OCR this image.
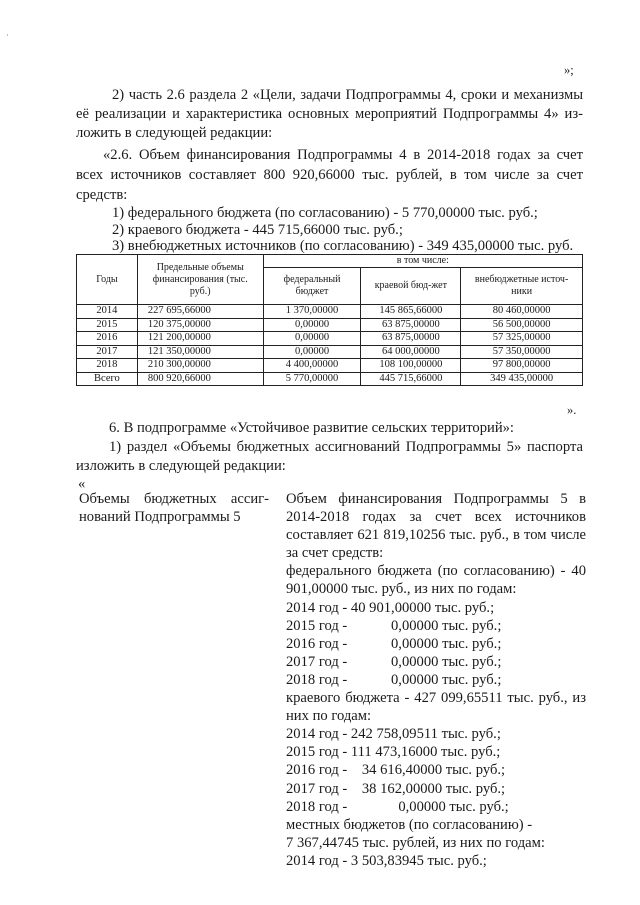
·
»;
2) часть 2.6 раздела 2 «Цели, задачи Подпрограммы 4, сроки и механизмы
её реализации и характеристика основных мероприятий Подпрограммы 4» из-
ложить в следующей редакции:
«2.6. Объем финансирования Подпрограммы 4 в 2014-2018 годах за счет
всех источников составляет 800 920,66000 тыс. рублей, в том числе за счет
средств:
1) федерального бюджета (по согласованию) - 5 770,00000 тыс. руб.;
2) краевого бюджета - 445 715,66000 тыс. руб.;
3) внебюджетных источников (по согласованию) - 349 435,00000 тыс. руб.
Годы	Предельные объемы финансирования (тыс. руб.)	в том числе:		
		федеральный бюджет	краевой бюд-жет	внебюджетные источ-ники
2014	227 695,66000	1 370,00000	145 865,66000	80 460,00000
2015	120 375,00000	0,00000	63 875,00000	56 500,00000
2016	121 200,00000	0,00000	63 875,00000	57 325,00000
2017	121 350,00000	0,00000	64 000,00000	57 350,00000
2018	210 300,00000	4 400,00000	108 100,00000	97 800,00000
Всего	800 920,66000	5 770,00000	445 715,66000	349 435,00000
».
6. В подпрограмме «Устойчивое развитие сельских территорий»:
1) раздел «Объемы бюджетных ассигнований Подпрограммы 5» паспорта
изложить в следующей редакции:
«
Объемы бюджетных ассиг-нований Подпрограммы 5
Объем финансирования Подпрограммы 5 в 2014-2018 годах за счет всех источников составляет 621 819,10256 тыс. руб., в том числе за счет средств:
федерального бюджета (по согласованию) - 40 901,00000 тыс. руб., из них по годам:
2014 год - 40 901,00000 тыс. руб.;
2015 год -	0,00000 тыс. руб.;
2016 год -	0,00000 тыс. руб.;
2017 год -	0,00000 тыс. руб.;
2018 год -	0,00000 тыс. руб.;
краевого бюджета - 427 099,65511 тыс. руб., из них по годам:
2014 год - 242 758,09511 тыс. руб.;
2015 год - 111 473,16000 тыс. руб.;
2016 год -    34 616,40000 тыс. руб.;
2017 год -    38 162,00000 тыс. руб.;
2018 год -              0,00000 тыс. руб.;
местных бюджетов (по согласованию) -
7 367,44745 тыс. рублей, из них по годам:
2014 год - 3 503,83945 тыс. руб.;
